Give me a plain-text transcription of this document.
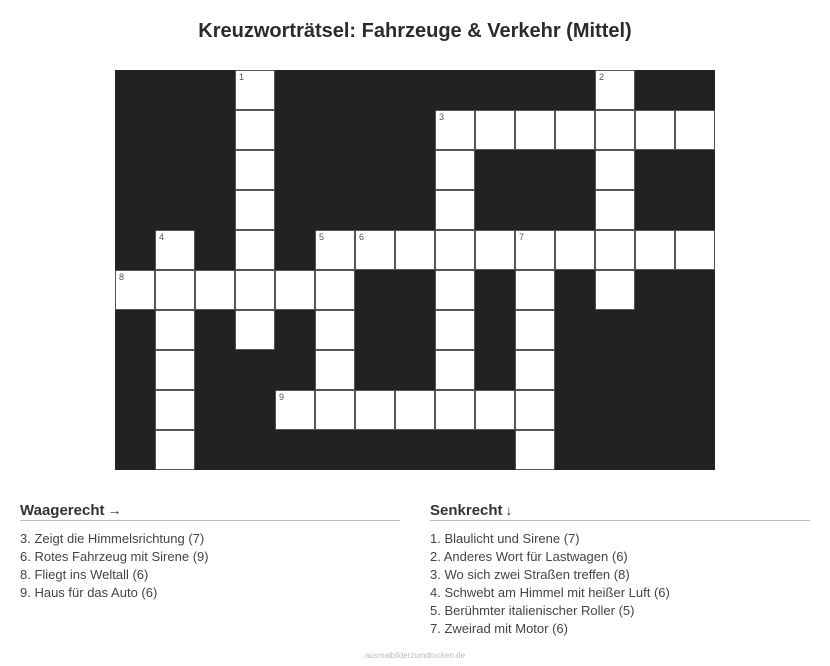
Kreuzworträtsel: Fahrzeuge & Verkehr (Mittel)
1	2
3
4	5	6	7
8
9
Waagerecht →
3. Zeigt die Himmelsrichtung (7)
6. Rotes Fahrzeug mit Sirene (9)
8. Fliegt ins Weltall (6)
9. Haus für das Auto (6)
Senkrecht ↓
1. Blaulicht und Sirene (7)
2. Anderes Wort für Lastwagen (6)
3. Wo sich zwei Straßen treffen (8)
4. Schwebt am Himmel mit heißer Luft (6)
5. Berühmter italienischer Roller (5)
7. Zweirad mit Motor (6)
ausmalbilderzumdrucken.de
